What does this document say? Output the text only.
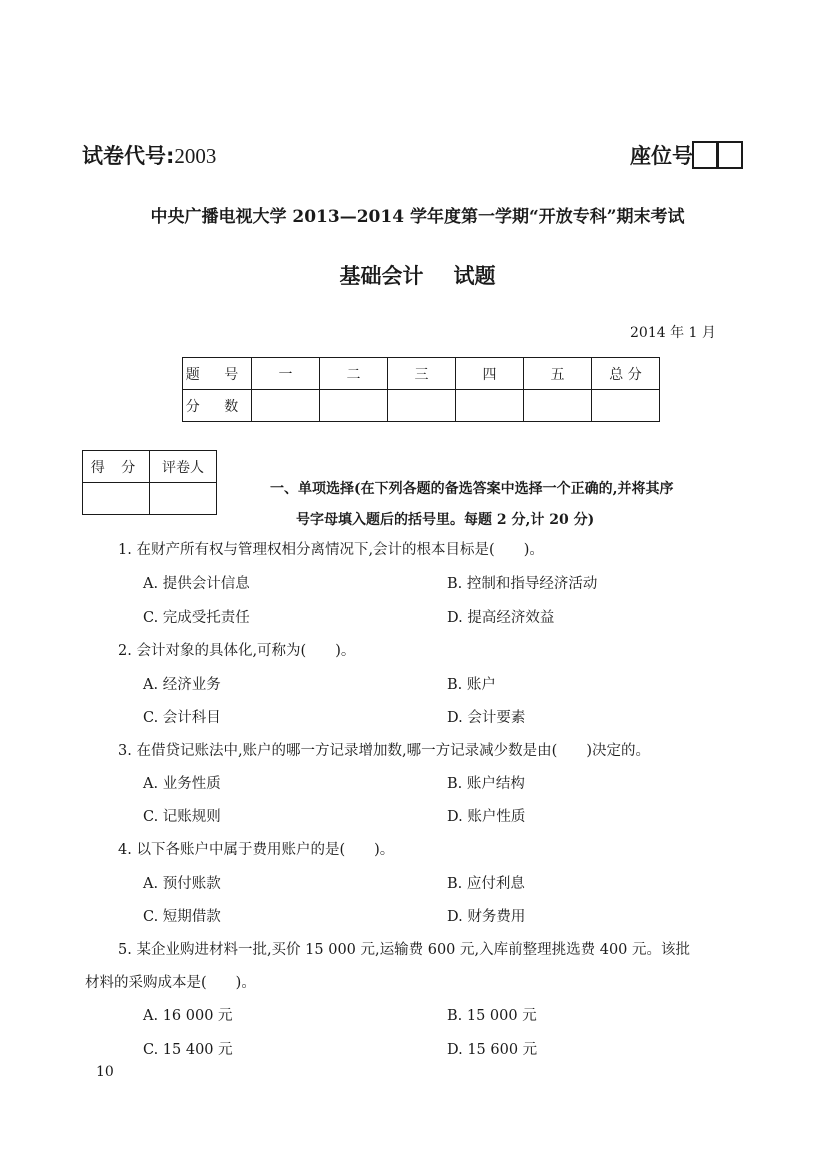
试卷代号:2003	座位号
中央广播电视大学 2013—2014 学年度第一学期“开放专科”期末考试
基础会计 试题
2014 年 1 月
题 号	一	二	三	四	五	总 分
分 数						
得 分	评卷人

一、单项选择(在下列各题的备选答案中选择一个正确的,并将其序
号字母填入题后的括号里。每题 2 分,计 20 分)
1. 在财产所有权与管理权相分离情况下,会计的根本目标是(　　)。
A. 提供会计信息	B. 控制和指导经济活动
C. 完成受托责任	D. 提高经济效益
2. 会计对象的具体化,可称为(　　)。
A. 经济业务	B. 账户
C. 会计科目	D. 会计要素
3. 在借贷记账法中,账户的哪一方记录增加数,哪一方记录减少数是由(　　)决定的。
A. 业务性质	B. 账户结构
C. 记账规则	D. 账户性质
4. 以下各账户中属于费用账户的是(　　)。
A. 预付账款	B. 应付利息
C. 短期借款	D. 财务费用
5. 某企业购进材料一批,买价 15 000 元,运输费 600 元,入库前整理挑选费 400 元。该批
材料的采购成本是(　　)。
A. 16 000 元	B. 15 000 元
C. 15 400 元	D. 15 600 元
10
